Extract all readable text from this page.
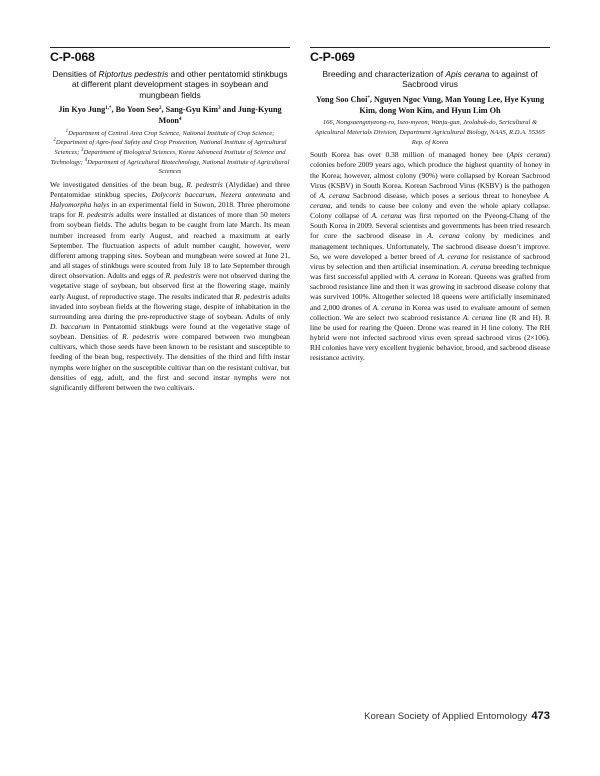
C-P-068
Densities of Riptortus pedestris and other pentatomid stinkbugs at different plant development stages in soybean and mungbean fields
Jin Kyo Jung$^{1,*}$, Bo Yoon Seo$^2$, Sang-Gyu Kim$^3$ and Jung-Kyung Moon$^4$
$^1$Department of Central Area Crop Science, National Institute of Crop Science; $^2$Department of Agro-food Safety and Crop Protection, National Institute of Agricultural Sciences; $^3$Department of Biological Sciences, Korea Advanced Institute of Science and Technology; $^4$Department of Agricultural Biotechnology, National Institute of Agricultural Sciences

We investigated densities of the bean bug, R. pedestris (Alydidae) and three Pentatomidae stinkbug species, Dolycoris baccarum, Nezera antennata and Halyomorpha halys in an experimental field in Suwon, 2018. Three pheromone traps for R. pedestris adults were installed at distances of more than 50 meters from soybean fields. The adults began to be caught from late March. Its mean number increased from early August, and reached a maximum at early September. The fluctuation aspects of adult number caught, however, were different among trapping sites. Soybean and mungbean were sowed at June 21, and all stages of stinkbugs were scouted from July 18 to late September through direct observation. Adults and eggs of R. pedestris were not observed during the vegetative stage of soybean, but observed first at the flowering stage, mainly early August, of reproductive stage. The results indicated that R. pedestris adults invaded into soybean fields at the flowering stage, despite of inhabitation in the surrounding area during the pre-reproductive stage of soybean. Adults of only D. baccarum in Pentatomid stinkbugs were found at the vegetative stage of soybean. Densities of R. pedestris were compared between two mungbean cultivars, which those seeds have been known to be resistant and susceptible to feeding of the bean bug, respectively. The densities of the third and fifth instar nymphs were higher on the susceptible cultivar than on the resistant cultivar, but densities of egg, adult, and the first and second instar nymphs were not significantly different between the two cultivars.

C-P-069
Breeding and characterization of Apis cerana to against of Sacbrood virus
Yong Soo Choi*, Nguyen Ngoc Vung, Man Young Lee, Hye Kyung Kim, dong Won Kim, and Hyun Lim Oh
166, Nongsaengmyeong-ro, Iseo-myeon, Wanju-gun, Jeolabuk-do, Sericultural & Apicultural Meterials Division, Department Agricultural Biology, NAAS, R.D.A. 55365 Rep. of Korea

South Korea has over 0.38 million of managed honey bee (Apis cerana) colonies before 2009 years ago, which produce the highest quantity of honey in the Korea; however, almost colony (90%) were collapsed by Korean Sacbrood Virus (KSBV) in South Korea. Korean Sacbrood Virus (KSBV) is the pathogen of A. cerana Sacbrood disease, which poses a serious threat to honeybee A. cerana, and tends to cause bee colony and even the whole apiary collapse. Colony collapse of A. cerana was first reported on the Pyeong-Chang of the South Korea in 2009. Several scientists and governments has been tried research for cure the sacbrood disease in A. cerana colony by medicines and management techniques. Unfortunately, The sacbrood disease doesn’t improve. So, we were developed a better breed of A. cerana for resistance of sacbrood virus by selection and then artificial insemination. A. cerana breeding technique was first successful applied with A. cerana in Korean. Queens was grafted from sacbrood resistance line and then it was growing in sacbrood disease colony that was survived 100%. Altogether selected 18 queens were artificially inseminated and 2,000 drones of A. cerana in Korea was used to evaluate amount of semen collection. We are select two scabrood resistance A. cerana line (R and H). R line be used for rearing the Queen. Drone was reared in H line colony. The RH hybrid were not infected sacbrood virus even spread sacbrood virus (2×106). RH colonies have very excellent hygienic behavior, brood, and sacbrood disease resistance activity.

Korean Society of Applied Entomology 473
